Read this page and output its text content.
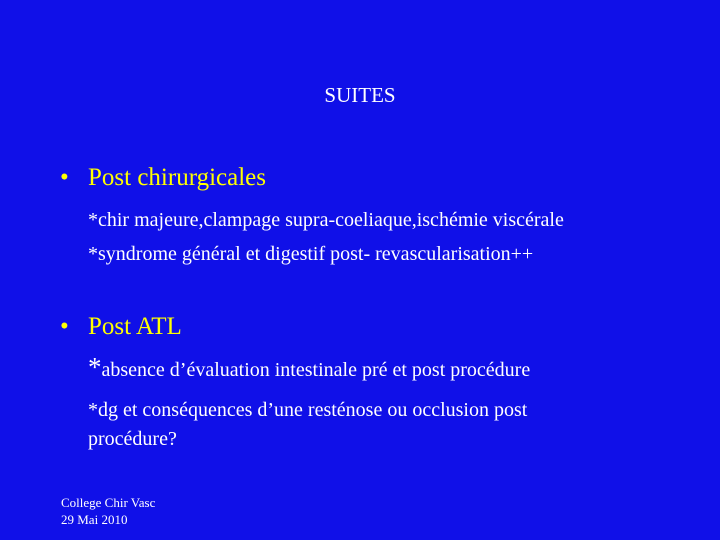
SUITES
• Post chirurgicales
*chir majeure,clampage supra-coeliaque,ischémie viscérale
*syndrome général et digestif post- revascularisation++
• Post ATL
*absence d’évaluation intestinale pré et post procédure
*dg et conséquences d’une resténose ou occlusion post
procédure?
College Chir Vasc
29 Mai 2010
